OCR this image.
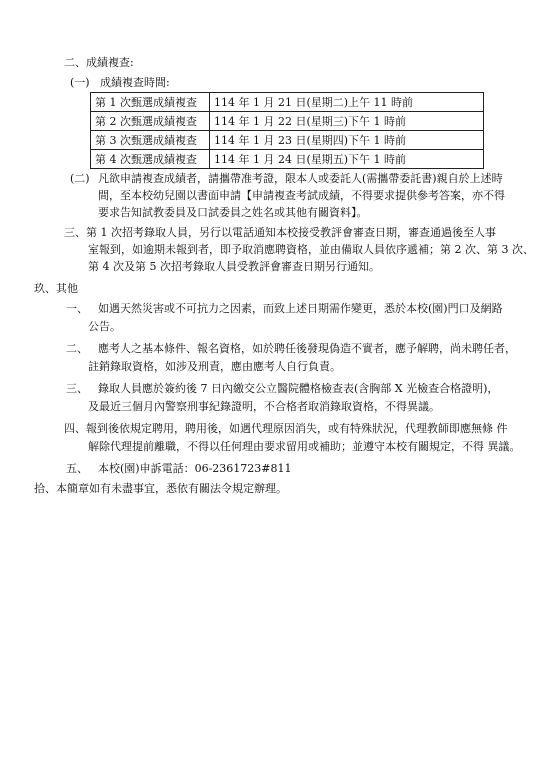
二、成績複查:
(一) 成績複查時間:
第 1 次甄選成績複查	114 年 1 月 21 日(星期二)上午 11 時前
第 2 次甄選成績複查	114 年 1 月 22 日(星期三)下午 1 時前
第 3 次甄選成績複查	114 年 1 月 23 日(星期四)下午 1 時前
第 4 次甄選成績複查	114 年 1 月 24 日(星期五)下午 1 時前
(二) 凡欲申請複查成績者，請攜帶准考證，限本人或委託人(需攜帶委託書)親自於上述時
間，至本校幼兒園以書面申請【申請複查考試成績，不得要求提供參考答案，亦不得
要求告知試教委員及口試委員之姓名或其他有關資料】。
三、第 1 次招考錄取人員，另行以電話通知本校接受教評會審查日期，審查通過後至人事
室報到，如逾期未報到者，即予取消應聘資格，並由備取人員依序遞補；第 2 次、第 3 次、
第 4 次及第 5 次招考錄取人員受教評會審查日期另行通知。
玖、其他
一、 如遇天然災害或不可抗力之因素，而致上述日期需作變更，悉於本校(園)門口及網路
公告。
二、 應考人之基本條件、報名資格，如於聘任後發現偽造不實者，應予解聘，尚未聘任者，
註銷錄取資格，如涉及刑責，應由應考人自行負責。
三、 錄取人員應於簽約後 7 日內繳交公立醫院體格檢查表(含胸部 X 光檢查合格證明)，
及最近三個月內警察刑事紀錄證明，不合格者取消錄取資格，不得異議。
四、報到後依規定聘用，聘用後，如遇代理原因消失，或有特殊狀況，代理教師即應無條 件
解除代理提前離職，不得以任何理由要求留用或補助；並遵守本校有關規定，不得 異議。
五、 本校(園)申訴電話：06-2361723#811
拾、本簡章如有未盡事宜，悉依有關法令規定辦理。
